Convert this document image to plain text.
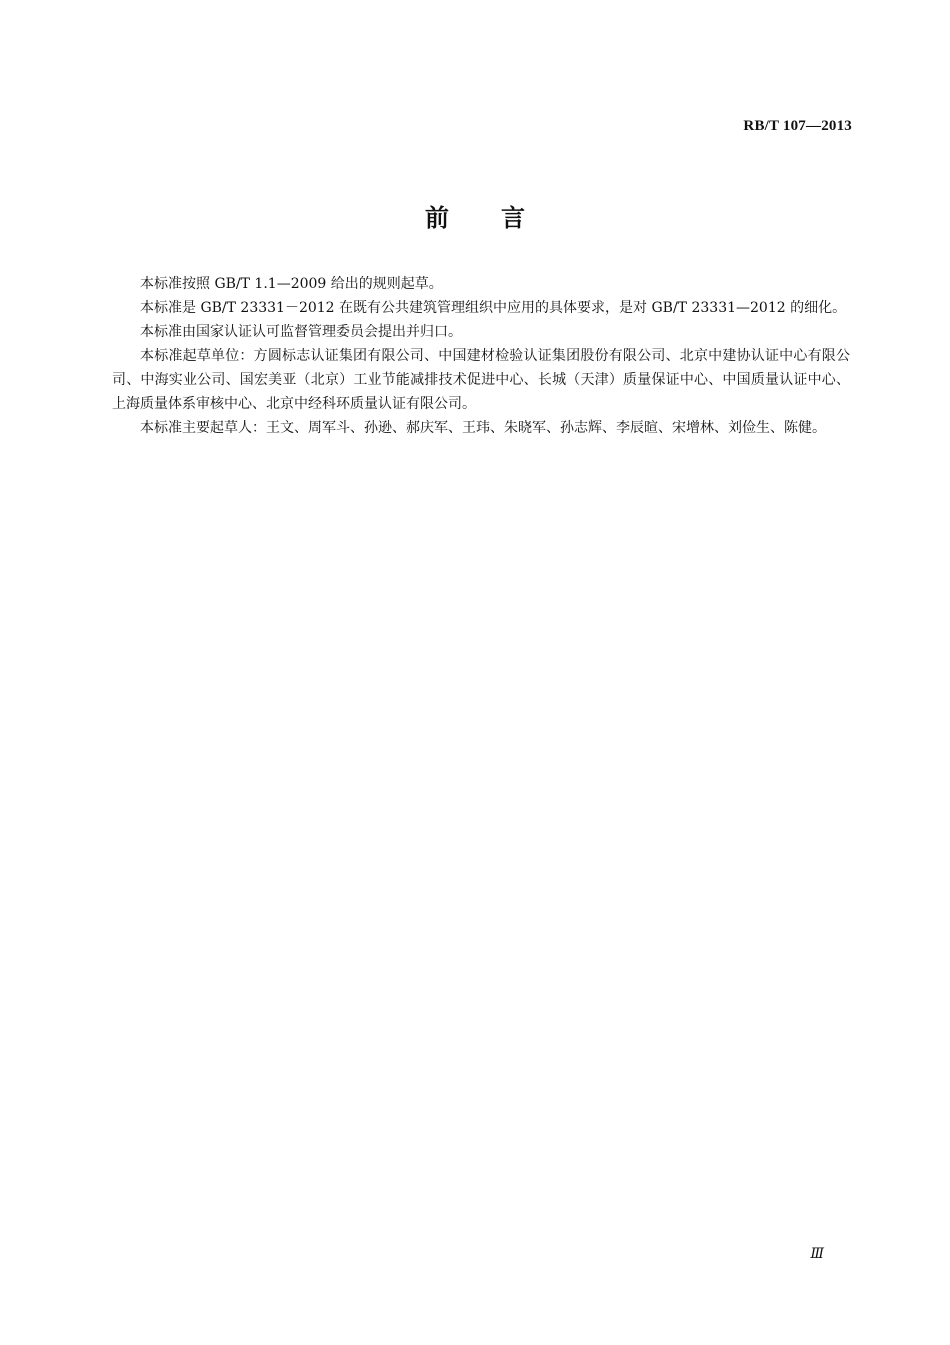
RB/T 107—2013
前言

本标准按照 GB/T 1.1—2009 给出的规则起草。

本标准是 GB/T 23331－2012 在既有公共建筑管理组织中应用的具体要求，是对 GB/T 23331—2012 的细化。

本标准由国家认证认可监督管理委员会提出并归口。

本标准起草单位：方圆标志认证集团有限公司、中国建材检验认证集团股份有限公司、北京中建协认证中心有限公司、中海实业公司、国宏美亚（北京）工业节能减排技术促进中心、长城（天津）质量保证中心、中国质量认证中心、上海质量体系审核中心、北京中经科环质量认证有限公司。

本标准主要起草人：王文、周军斗、孙逊、郝庆军、王玮、朱晓军、孙志辉、李辰暄、宋增林、刘俭生、陈健。

Ⅲ
